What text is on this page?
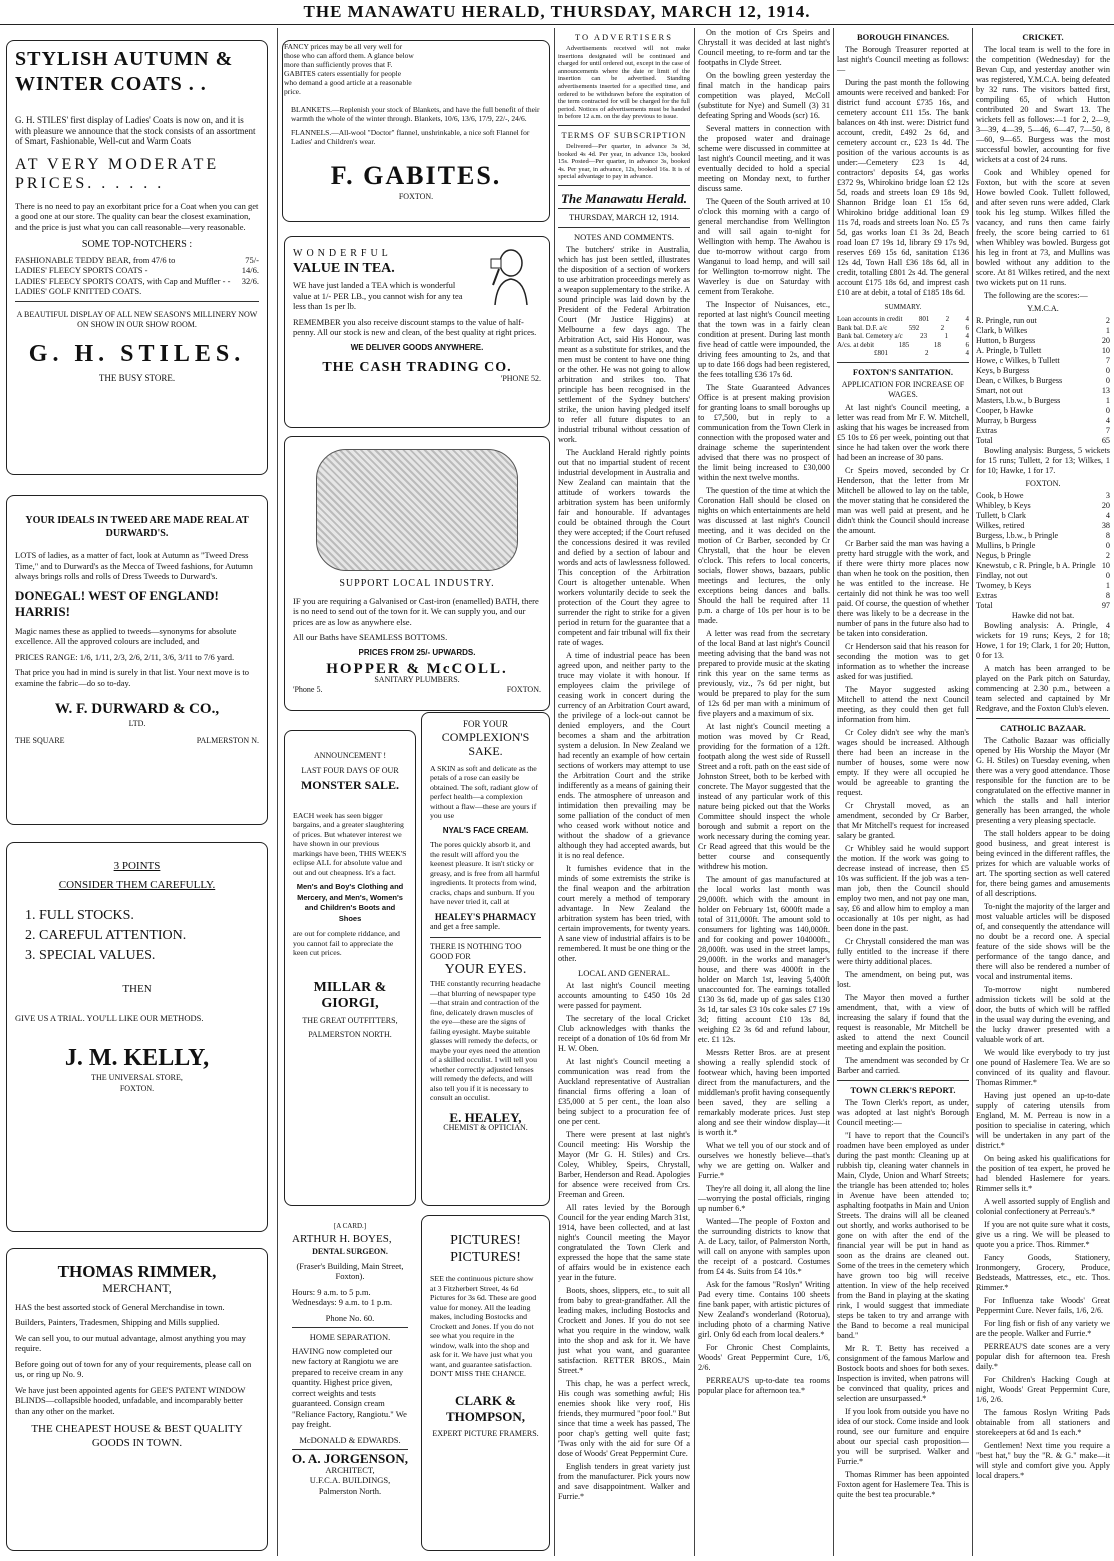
THE MANAWATU HERALD, THURSDAY, MARCH 12, 1914.
STYLISH AUTUMN & WINTER COATS . .

G. H. STILES' first display of Ladies' Coats is now on, and it is with pleasure we announce that the stock consists of an assortment of Smart, Fashionable, Well-cut and Warm Coats

AT VERY MODERATE PRICES. . . . . .

There is no need to pay an exorbitant price for a Coat when you can get a good one at our store. The quality can bear the closest examination, and the price is just what you can call reasonable—very reasonable.

SOME TOP-NOTCHERS :
FASHIONABLE TEDDY BEAR, from 47/6 to	75/-
LADIES' FLEECY SPORTS COATS -	14/6.
LADIES' FLEECY SPORTS COATS, with Cap and Muffler - - 32/6.
LADIES' GOLF KNITTED COATS.

A BEAUTIFUL DISPLAY OF ALL NEW SEASON'S MILLINERY NOW ON SHOW IN OUR SHOW ROOM.

G. H. STILES.
THE BUSY STORE.
YOUR IDEALS IN TWEED ARE MADE REAL AT DURWARD'S.

LOTS of ladies, as a matter of fact, look at Autumn as "Tweed Dress Time," and to Durward's as the Mecca of Tweed fashions, for Autumn always brings rolls and rolls of Dress Tweeds to Durward's.

DONEGAL! WEST OF ENGLAND! HARRIS!

Magic names these as applied to tweeds—synonyms for absolute excellence. All the approved colours are included, and

PRICES RANGE: 1/6, 1/11, 2/3, 2/6, 2/11, 3/6, 3/11 to 7/6 yard.

That price you had in mind is surely in that list. Your next move is to examine the fabric—do so to-day.

W. F. DURWARD & CO.,
LTD.
THE SQUARE	PALMERSTON N.
3 POINTS
CONSIDER THEM CAREFULLY.
1. FULL STOCKS.
2. CAREFUL ATTENTION.
3. SPECIAL VALUES.
THEN

GIVE US A TRIAL. YOU'LL LIKE OUR METHODS.

J. M. KELLY,
THE UNIVERSAL STORE,
FOXTON.
THOMAS RIMMER,
MERCHANT,

HAS the best assorted stock of General Merchandise in town.

Builders, Painters, Tradesmen, Shipping and Mills supplied.

We can sell you, to our mutual advantage, almost anything you may require.

Before going out of town for any of your requirements, please call on us, or ring up No. 9.

We have just been appointed agents for GEE'S PATENT WINDOW BLINDS—collapsible hooded, unfadable, and incomparably better than any other on the market.

THE CHEAPEST HOUSE & BEST QUALITY GOODS IN TOWN.

FANCY prices may be all very well for those who can afford them. A glance below more than sufficiently proves that F. GABITES caters essentially for people who demand a good article at a reasonable price.

BLANKETS.—Replenish your stock of Blankets, and have the full benefit of their warmth the whole of the winter through. Blankets, 10/6, 13/6, 17/9, 22/-, 24/6.

FLANNELS.—All-wool "Doctor" flannel, unshrinkable, a nice soft Flannel for Ladies' and Children's wear.

F. GABITES.
FOXTON.
WONDERFUL
VALUE IN TEA.

WE have just landed a TEA which is wonderful value at 1/- PER LB., you cannot wish for any tea less than 1s per lb.

REMEMBER you also receive discount stamps to the value of half-penny. All our stock is new and clean, of the best quality at right prices.

WE DELIVER GOODS ANYWHERE.
THE CASH TRADING CO.
'PHONE 52.
SUPPORT LOCAL INDUSTRY.

IF you are requiring a Galvanised or Cast-iron (enamelled) BATH, there is no need to send out of the town for it. We can supply you, and our prices are as low as anywhere else.

All our Baths have SEAMLESS BOTTOMS.

PRICES FROM 25/- UPWARDS.
HOPPER & McCOLL.
SANITARY PLUMBERS.
'Phone 5.	FOXTON.
ANNOUNCEMENT !
LAST FOUR DAYS OF OUR
MONSTER SALE.

EACH week has seen bigger bargains, and a greater slaughtering of prices. But whatever interest we have shown in our previous markings have been, THIS WEEK'S eclipse ALL for absolute value and out and out cheapness. It's a fact.

Men's and Boy's Clothing and Mercery, and Men's, Women's and Children's Boots and Shoes

are out for complete riddance, and you cannot fail to appreciate the keen cut prices.

MILLAR & GIORGI,
THE GREAT OUTFITTERS,
PALMERSTON NORTH.
FOR YOUR
COMPLEXION'S SAKE.

A SKIN as soft and delicate as the petals of a rose can easily be obtained. The soft, radiant glow of perfect health—a complexion without a flaw—these are yours if you use

NYAL'S FACE CREAM.

The pores quickly absorb it, and the result will afford you the keenest pleasure. It isn't sticky or greasy, and is free from all harmful ingredients. It protects from wind, cracks, chaps and sunburn. If you have never tried it, call at

HEALEY'S PHARMACY
and get a free sample.
THERE IS NOTHING TOO GOOD FOR
YOUR EYES.

THE constantly recurring headache—that blurring of newspaper type—that strain and contraction of the fine, delicately drawn muscles of the eye—these are the signs of failing eyesight. Maybe suitable glasses will remedy the defects, or maybe your eyes need the attention of a skilled occulist. I will tell you whether correctly adjusted lenses will remedy the defects, and will also tell you if it is necessary to consult an occulist.

E. HEALEY,
CHEMIST & OPTICIAN.
[A CARD.]
ARTHUR H. BOYES,
DENTAL SURGEON.

(Fraser's Building, Main Street, Foxton).

Hours: 9 a.m. to 5 p.m. Wednesdays: 9 a.m. to 1 p.m.

Phone No. 60.
HOME SEPARATION.

HAVING now completed our new factory at Rangiotu we are prepared to receive cream in any quantity. Highest price given, correct weights and tests guaranteed. Consign cream "Reliance Factory, Rangiotu." We pay freight.

McDONALD & EDWARDS.
O. A. JORGENSON,
ARCHITECT,
U.F.C.A. BUILDINGS,
Palmerston North.
PICTURES! PICTURES!

SEE the continuous picture show at 3 Fitzherbert Street, 4s 6d Pictures for 3s 6d. These are good value for money. All the leading makes, including Bostocks and Crockett and Jones. If you do not see what you require in the window, walk into the shop and ask for it. We have just what you want, and guarantee satisfaction. DON'T MISS THE CHANCE.

CLARK & THOMPSON,
EXPERT PICTURE FRAMERS.
TO ADVERTISERS

Advertisements received will not make insertions designated will be continued and charged for until ordered out, except in the case of announcements where the date or limit of the insertion can be advertised. Standing advertisements inserted for a specified time, and ordered to be withdrawn before the expiration of the term contracted for will be charged for the full period. Notices of advertisements must be handed in before 12 a.m. on the day previous to issue.

TERMS OF SUBSCRIPTION

Delivered—Per quarter, in advance 3s 3d, booked 4s 4d. Per year, in advance 13s, booked 15s. Posted—Per quarter, in advance 3s, booked 4s. Per year, in advance, 12s, booked 16s. It is of special advantage to pay in advance.

The Manawatu Herald.
THURSDAY, MARCH 12, 1914.
NOTES AND COMMENTS.

The butchers' strike in Australia, which has just been settled, illustrates the disposition of a section of workers to use arbitration proceedings merely as a weapon supplementary to the strike. A sound principle was laid down by the President of the Federal Arbitration Court (Mr Justice Higgins) at Melbourne a few days ago. The Arbitration Act, said His Honour, was meant as a substitute for strikes, and the men must be content to have one thing or the other. He was not going to allow arbitration and strikes too. That principle has been recognised in the settlement of the Sydney butchers' strike, the union having pledged itself to refer all future disputes to an industrial tribunal without cessation of work.

The Auckland Herald rightly points out that no impartial student of recent industrial development in Australia and New Zealand can maintain that the attitude of workers towards the arbitration system has been uniformly fair and honourable. If advantages could be obtained through the Court they were accepted; if the Court refused the concessions desired it was reviled and defied by a section of labour and words and acts of lawlessness followed. This conception of the Arbitration Court is altogether untenable. When workers voluntarily decide to seek the protection of the Court they agree to surrender the right to strike for a given period in return for the guarantee that a competent and fair tribunal will fix their rate of wages.

A time of industrial peace has been agreed upon, and neither party to the truce may violate it with honour. If employees claim the privilege of ceasing work in concert during the currency of an Arbitration Court award, the privilege of a lock-out cannot be denied employers, and the Court becomes a sham and the arbitration system a delusion. In New Zealand we had recently an example of how certain sections of workers may attempt to use the Arbitration Court and the strike indifferently as a means of gaining their ends. The atmosphere of unreason and intimidation then prevailing may be some palliation of the conduct of men who ceased work without notice and without the shadow of a grievance although they had accepted awards, but it is no real defence.

It furnishes evidence that in the minds of some extremists the strike is the final weapon and the arbitration court merely a method of temporary advantage. In New Zealand the arbitration system has been tried, with certain improvements, for twenty years. A sane view of industrial affairs is to be remembered. It must be one thing or the other.

LOCAL AND GENERAL.

At last night's Council meeting accounts amounting to £450 10s 2d were passed for payment.

The secretary of the local Cricket Club acknowledges with thanks the receipt of a donation of 10s 6d from Mr H. W. Oben.

At last night's Council meeting a communication was read from the Auckland representative of Australian financial firms offering a loan of £35,000 at 5 per cent., the loan also being subject to a procuration fee of one per cent.

There were present at last night's Council meeting: His Worship the Mayor (Mr G. H. Stiles) and Crs. Coley, Whibley, Speirs, Chrystall, Barber, Henderson and Read. Apologies for absence were received from Crs. Freeman and Green.

All rates levied by the Borough Council for the year ending March 31st, 1914, have been collected, and at last night's Council meeting the Mayor congratulated the Town Clerk and expressed the hope that the same state of affairs would be in existence each year in the future.

Boots, shoes, slippers, etc., to suit all from baby to great-grandfather. All the leading makes, including Bostocks and Crockett and Jones. If you do not see what you require in the window, walk into the shop and ask for it. We have just what you want, and guarantee satisfaction. RETTER BROS., Main Street.*

This chap, he was a perfect wreck, His cough was something awful; His enemies shook like very roof, His friends, they murmured "poor fool." But since that time a week has passed, The poor chap's getting well quite fast; 'Twas only with the aid for sure Of a dose of Woods' Great Peppermint Cure.

English tenders in great variety just from the manufacturer. Pick yours now and save disappointment. Walker and Furrie.*

On the motion of Crs Speirs and Chrystall it was decided at last night's Council meeting, to re-form and tar the footpaths in Clyde Street.

On the bowling green yesterday the final match in the handicap pairs competition was played, McColl (substitute for Nye) and Sumell (3) 31 defeating Spring and Woods (scr) 16.

Several matters in connection with the proposed water and drainage scheme were discussed in committee at last night's Council meeting, and it was eventually decided to hold a special meeting on Monday next, to further discuss same.

The Queen of the South arrived at 10 o'clock this morning with a cargo of general merchandise from Wellington and will sail again to-night for Wellington with hemp. The Awahou is due to-morrow without cargo from Wanganui to load hemp, and will sail for Wellington to-morrow night. The Waverley is due on Saturday with cement from Terakohe.

The Inspector of Nuisances, etc., reported at last night's Council meeting that the town was in a fairly clean condition at present. During last month five head of cattle were impounded, the driving fees amounting to 2s, and that up to date 166 dogs had been registered, the fees totalling £36 17s 6d.

The State Guaranteed Advances Office is at present making provision for granting loans to small boroughs up to £7,500, but in reply to a communication from the Town Clerk in connection with the proposed water and drainage scheme the superintendent advised that there was no prospect of the limit being increased to £30,000 within the next twelve months.

The question of the time at which the Coronation Hall should be closed on nights on which entertainments are held was discussed at last night's Council meeting, and it was decided on the motion of Cr Barber, seconded by Cr Chrystall, that the hour be eleven o'clock. This refers to local concerts, socials, flower shows, bazaars, public meetings and lectures, the only exceptions being dances and balls. Should the hall be required after 11 p.m. a charge of 10s per hour is to be made.

A letter was read from the secretary of the local Band at last night's Council meeting advising that the band was not prepared to provide music at the skating rink this year on the same terms as previously, viz., 7s 6d per night, but would be prepared to play for the sum of 12s 6d per man with a minimum of five players and a maximum of six.

At last night's Council meeting a motion was moved by Cr Read, providing for the formation of a 12ft. footpath along the west side of Russell Street and a roft. path on the east side of Johnston Street, both to be kerbed with concrete. The Mayor suggested that the instead of any particular work of this nature being picked out that the Works Committee should inspect the whole borough and submit a report on the work necessary during the coming year. Cr Read agreed that this would be the better course and consequently withdrew his motion.

The amount of gas manufactured at the local works last month was 29,000ft. which with the amount in holder on February 1st, 6000ft made a total of 311,000ft. The amount sold to consumers for lighting was 140,000ft. and for cooking and power 104000ft., 28,000ft. was used in the street lamps, 29,000ft. in the works and manager's house, and there was 4000ft in the holder on March 1st, leaving 5,400ft unaccounted for. The earnings totalled £130 3s 6d, made up of gas sales £130 3s 1d, tar sales £3 10s coke sales £7 19s 3d; fitting account £10 13s 8d, weighing £2 3s 6d and refund labour, etc. £1 12s.

Messrs Retter Bros. are at present showing a really splendid stock of footwear which, having been imported direct from the manufacturers, and the middleman's profit having consequently been saved, they are selling a remarkably moderate prices. Just step along and see their window display—it is worth it.*

What we tell you of our stock and of ourselves we honestly believe—that's why we are getting on. Walker and Furrie.*

They're all doing it, all along the line—worrying the postal officials, ringing up number 6.*

Wanted—The people of Foxton and the surrounding districts to know that A. de Lacy, tailor, of Palmerston North, will call on anyone with samples upon the receipt of a postcard. Costumes from £4 4s. Suits from £4 10s.*

Ask for the famous "Roslyn" Writing Pad every time. Contains 100 sheets fine bank paper, with artistic pictures of New Zealand's wonderland (Rotorua), including photo of a charming Native girl. Only 6d each from local dealers.*

For Chronic Chest Complaints, Woods' Great Peppermint Cure, 1/6, 2/6.

PERREAU'S up-to-date tea rooms popular place for afternoon tea.*

BOROUGH FINANCES.

The Borough Treasurer reported at last night's Council meeting as follows:—

During the past month the following amounts were received and banked: For district fund account £735 16s, and cemetery account £11 15s. The bank balances on 4th inst. were: District fund account, credit, £492 2s 6d, and cemetery account cr., £23 1s 4d. The position of the various accounts is as under:—Cemetery £23 1s 4d, contractors' deposits £4, gas works £372 9s, Whirokino bridge loan £2 12s 5d, roads and streets loan £9 18s 9d, Shannon Bridge loan £1 15s 6d, Whirokino bridge additional loan £9 11s 7d, roads and streets loan No. £5 7s 5d, gas works loan £1 3s 2d, Beach road loan £7 19s 1d, library £9 17s 9d, reserves £69 15s 6d, sanitation £136 12s 4d, Town Hall £36 18s 6d, all in credit, totalling £801 2s 4d. The general account £175 18s 6d, and imprest cash £10 are at debit, a total of £185 18s 6d.

SUMMARY.
Loan accounts in credit 801 2 4
Bank bal. D.F. a/c	592	2	6
Bank bal. Cemetery a/c 23 1 4
A/cs. at debit	185	18	6
£801	2	4
FOXTON'S SANITATION.
APPLICATION FOR INCREASE OF WAGES.

At last night's Council meeting, a letter was read from Mr F. W. Mitchell, asking that his wages be increased from £5 10s to £6 per week, pointing out that since he had taken over the work there had been an increase of 30 pans.

Cr Speirs moved, seconded by Cr Henderson, that the letter from Mr Mitchell be allowed to lay on the table, the mover stating that he considered the man was well paid at present, and he didn't think the Council should increase the amount.

Cr Barber said the man was having a pretty hard struggle with the work, and if there were thirty more places now than when he took on the position, then he was entitled to the increase. He certainly did not think he was too well paid. Of course, the question of whether there was likely to be a decrease in the number of pans in the future also had to be taken into consideration.

Cr Henderson said that his reason for seconding the motion was to get information as to whether the increase asked for was justified.

The Mayor suggested asking Mitchell to attend the next Council meeting, as they could then get full information from him.

Cr Coley didn't see why the man's wages should be increased. Although there had been an increase in the number of houses, some were now empty. If they were all occupied he would be agreeable to granting the request.

Cr Chrystall moved, as an amendment, seconded by Cr Barber, that Mr Mitchell's request for increased salary be granted.

Cr Whibley said he would support the motion. If the work was going to decrease instead of increase, then £5 10s was sufficient. If the job was a ten-man job, then the Council should employ two men, and not pay one man, say, £6 and allow him to employ a man occasionally at 10s per night, as had been done in the past.

Cr Chrystall considered the man was fully entitled to the increase if there were thirty additional places.

The amendment, on being put, was lost.

The Mayor then moved a further amendment, that, with a view of increasing the salary if found that the request is reasonable, Mr Mitchell be asked to attend the next Council meeting and explain the position.

The amendment was seconded by Cr Barber and carried.

TOWN CLERK'S REPORT.

The Town Clerk's report, as under, was adopted at last night's Borough Council meeting:—

"I have to report that the Council's roadmen have been employed as under during the past month: Cleaning up at rubbish tip, cleaning water channels in Main, Clyde, Union and Wharf Streets; the triangle has been attended to; holes in Avenue have been attended to; asphalting footpaths in Main and Union Streets. The drains will all be cleaned out shortly, and works authorised to be gone on with after the end of the financial year will be put in hand as soon as the drains are cleaned out. Some of the trees in the cemetery which have grown too big will receive attention. In view of the help received from the Band in playing at the skating rink, I would suggest that immediate steps be taken to try and arrange with the Band to become a real municipal band."

Mr R. T. Betty has received a consignment of the famous Marlow and Bostock boots and shoes for both sexes. Inspection is invited, when patrons will be convinced that quality, prices and selection are unsurpassed.*

If you look from outside you have no idea of our stock. Come inside and look round, see our furniture and enquire about our special cash proposition—you will be surprised. Walker and Furrie.*

Thomas Rimmer has been appointed Foxton agent for Haslemere Tea. This is quite the best tea procurable.*

CRICKET.

The local team is well to the fore in the competition (Wednesday) for the Bevan Cup, and yesterday another win was registered, Y.M.C.A. being defeated by 32 runs. The visitors batted first, compiling 65, of which Hutton contributed 20 and Swart 13. The wickets fell as follows:—1 for 2, 2—9, 3—39, 4—39, 5—46, 6—47, 7—50, 8—60, 9—65. Burgess was the most successful bowler, accounting for five wickets at a cost of 24 runs.

Cook and Whibley opened for Foxton, but with the score at seven Howe bowled Cook. Tullett followed, and after seven runs were added, Clark took his leg stump. Wilkes filled the vacancy, and runs then came fairly freely, the score being carried to 61 when Whibley was bowled. Burgess got his leg in front at 73, and Mullins was bowled without any addition to the score. At 81 Wilkes retired, and the next two wickets put on 11 runs.

The following are the scores:—

Y.M.C.A.
R. Pringle, run out	2
Clark, b Wilkes	1
Hutton, b Burgess	20
A. Pringle, b Tullett	10
Howe, c Wilkes, b Tullett	7
Keys, b Burgess	0
Dean, c Wilkes, b Burgess	0
Smart, not out	13
Masters, l.b.w., b Burgess	1
Cooper, b Hawke	0
Murray, b Burgess	4
Extras	7
Total	65

Bowling analysis: Burgess, 5 wickets for 15 runs; Tullett, 2 for 13; Wilkes, 1 for 10; Hawke, 1 for 17.

FOXTON.
Cook, b Howe	3
Whibley, b Keys	20
Tullett, b Clark	4
Wilkes, retired	38
Burgess, l.b.w., b Pringle	8
Mullins, b Pringle	0
Negus, b Pringle	2
Knewstub, c R. Pringle, b A. Pringle 10
Findlay, not out	0
Twomey, b Keys	1
Extras	8
Total	97
Hawke did not bat.

Bowling analysis: A. Pringle, 4 wickets for 19 runs; Keys, 2 for 18; Howe, 1 for 19; Clark, 1 for 20; Hutton, 0 for 13.

A match has been arranged to be played on the Park pitch on Saturday, commencing at 2.30 p.m., between a team selected and captained by Mr Redgrave, and the Foxton Club's eleven.

CATHOLIC BAZAAR.

The Catholic Bazaar was officially opened by His Worship the Mayor (Mr G. H. Stiles) on Tuesday evening, when there was a very good attendance. Those responsible for the function are to be congratulated on the effective manner in which the stalls and hall interior generally has been arranged, the whole presenting a very pleasing spectacle.

The stall holders appear to be doing good business, and great interest is being evinced in the different raffles, the prizes for which are valuable works of art. The sporting section as well catered for, there being games and amusements of all descriptions.

To-night the majority of the larger and most valuable articles will be disposed of, and consequently the attendance will no doubt be a record one. A special feature of the side shows will be the performance of the tango dance, and there will also be rendered a number of vocal and instrumental items.

To-morrow night numbered admission tickets will be sold at the door, the butts of which will be raffled in the usual way during the evening, and the lucky drawer presented with a valuable work of art.

We would like everybody to try just one pound of Haslemere Tea. We are so convinced of its quality and flavour. Thomas Rimmer.*

Having just opened an up-to-date supply of catering utensils from England, M. M. Perreau is now in a position to specialise in catering, which will be undertaken in any part of the district.*

On being asked his qualifications for the position of tea expert, he proved he had blended Haslemere for years. Rimmer sells it.*

A well assorted supply of English and colonial confectionery at Perreau's.*

If you are not quite sure what it costs, give us a ring. We will be pleased to quote you a price. Thos. Rimmer.*

Fancy Goods, Stationery, Ironmongery, Grocery, Produce, Bedsteads, Mattresses, etc., etc. Thos. Rimmer.*

For Influenza take Woods' Great Peppermint Cure. Never fails, 1/6, 2/6.

For ling fish or fish of any variety we are the people. Walker and Furrie.*

PERREAU'S date scones are a very popular dish for afternoon tea. Fresh daily.*

For Children's Hacking Cough at night, Woods' Great Peppermint Cure, 1/6, 2/6.

The famous Roslyn Writing Pads obtainable from all stationers and storekeepers at 6d and 1s each.*

Gentlemen! Next time you require a "best hat," buy the "R. & G." make—it will style and comfort give you. Apply local drapers.*
